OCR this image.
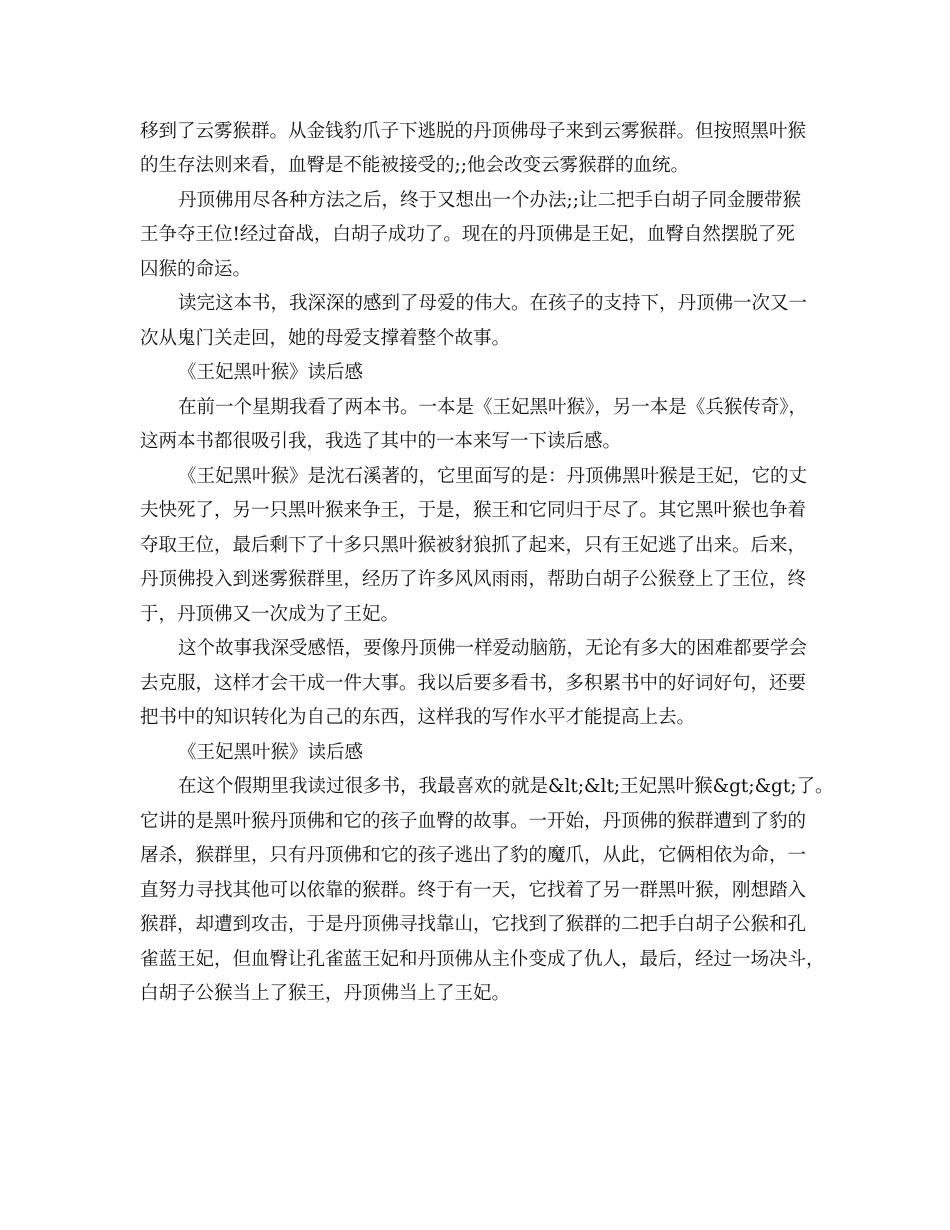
移到了云雾猴群。从金钱豹爪子下逃脱的丹顶佛母子来到云雾猴群。但按照黑叶猴
的生存法则来看，血臀是不能被接受的;;他会改变云雾猴群的血统。
丹顶佛用尽各种方法之后，终于又想出一个办法;;让二把手白胡子同金腰带猴
王争夺王位!经过奋战，白胡子成功了。现在的丹顶佛是王妃，血臀自然摆脱了死
囚猴的命运。
读完这本书，我深深的感到了母爱的伟大。在孩子的支持下，丹顶佛一次又一
次从鬼门关走回，她的母爱支撑着整个故事。
《王妃黑叶猴》读后感
在前一个星期我看了两本书。一本是《王妃黑叶猴》，另一本是《兵猴传奇》，
这两本书都很吸引我，我选了其中的一本来写一下读后感。
《王妃黑叶猴》是沈石溪著的，它里面写的是：丹顶佛黑叶猴是王妃，它的丈
夫快死了，另一只黑叶猴来争王，于是，猴王和它同归于尽了。其它黑叶猴也争着
夺取王位，最后剩下了十多只黑叶猴被豺狼抓了起来，只有王妃逃了出来。后来，
丹顶佛投入到迷雾猴群里，经历了许多风风雨雨，帮助白胡子公猴登上了王位，终
于，丹顶佛又一次成为了王妃。
这个故事我深受感悟，要像丹顶佛一样爱动脑筋，无论有多大的困难都要学会
去克服，这样才会干成一件大事。我以后要多看书，多积累书中的好词好句，还要
把书中的知识转化为自己的东西，这样我的写作水平才能提高上去。
《王妃黑叶猴》读后感
在这个假期里我读过很多书，我最喜欢的就是&lt;&lt;王妃黑叶猴&gt;&gt;了。
它讲的是黑叶猴丹顶佛和它的孩子血臀的故事。一开始，丹顶佛的猴群遭到了豹的
屠杀，猴群里，只有丹顶佛和它的孩子逃出了豹的魔爪，从此，它俩相依为命，一
直努力寻找其他可以依靠的猴群。终于有一天，它找着了另一群黑叶猴，刚想踏入
猴群，却遭到攻击，于是丹顶佛寻找靠山，它找到了猴群的二把手白胡子公猴和孔
雀蓝王妃，但血臀让孔雀蓝王妃和丹顶佛从主仆变成了仇人，最后，经过一场决斗，
白胡子公猴当上了猴王，丹顶佛当上了王妃。
